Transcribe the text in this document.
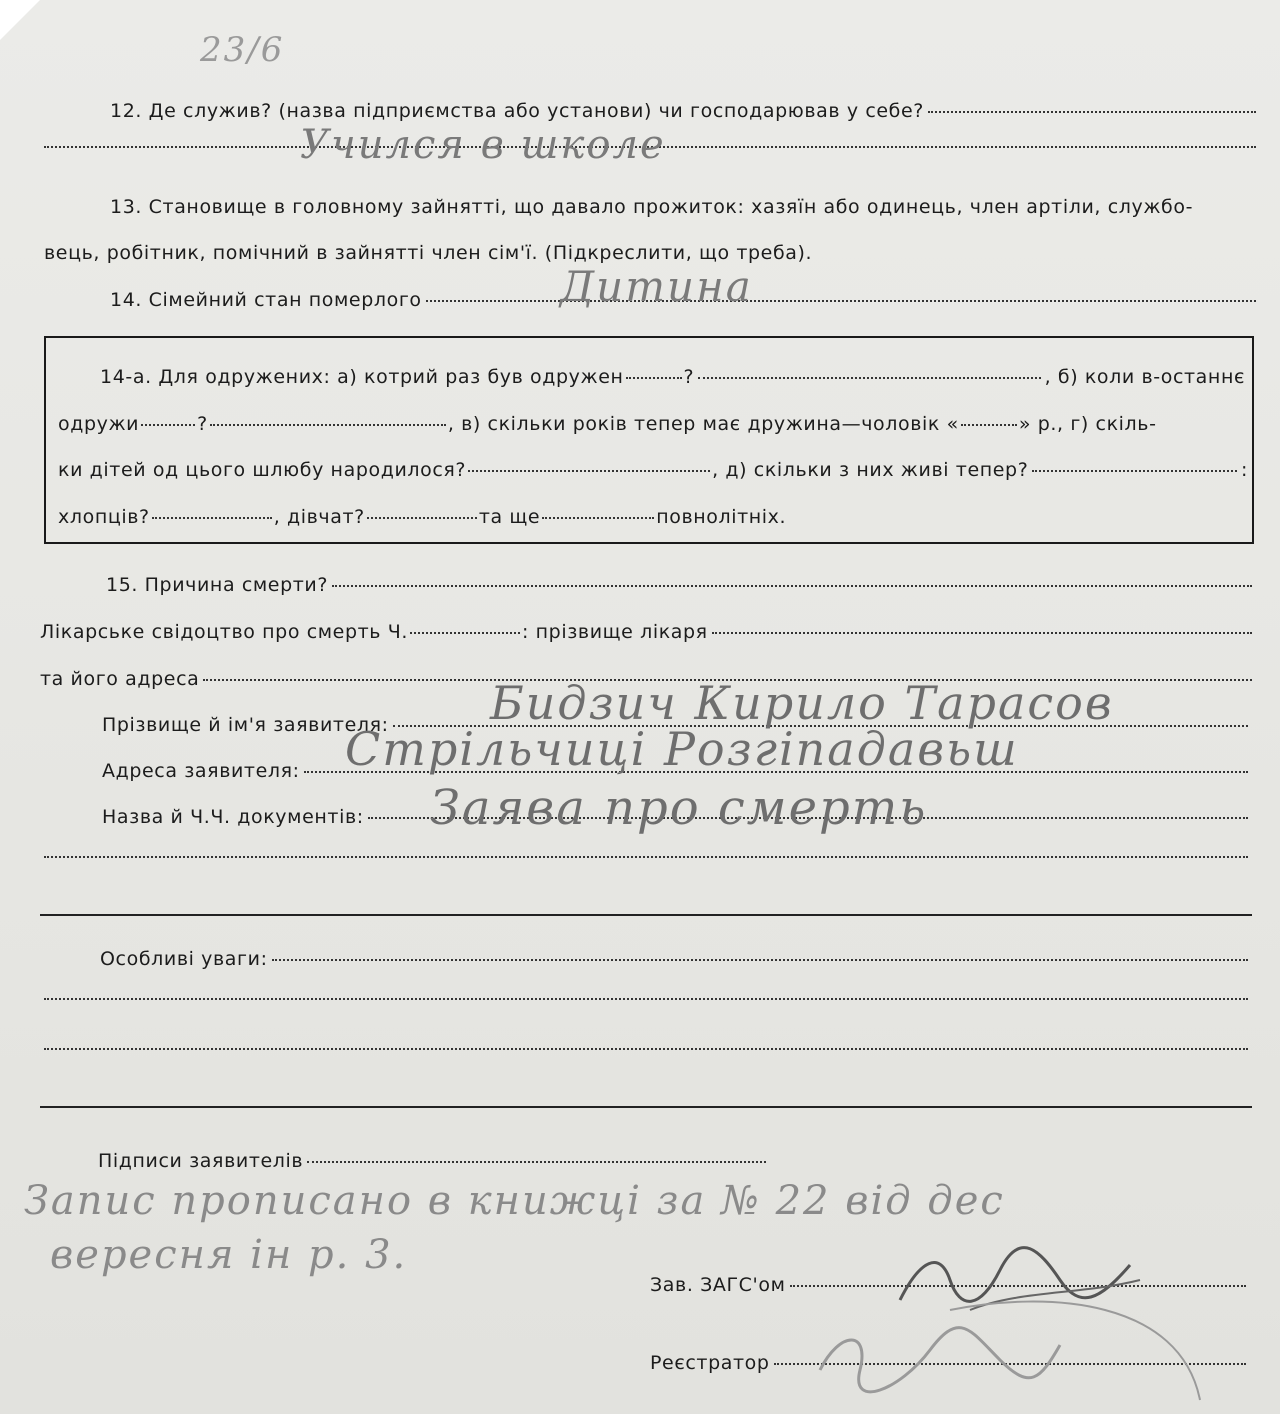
23/6
12. Де служив? (назва підприємства або установи) чи господарював у себе?
Учился в школе
13. Становище в головному зайнятті, що давало прожиток: хазяїн або одинець, член артіли, службо-
вець, робітник, помічний в зайнятті член сім'ї. (Підкреслити, що треба).
14. Сімейний стан померлого	Дитина
14-а. Для одружених: а) котрий раз був одружен	?	, б) коли в-останнє
одружи	?	, в) скільки років тепер має дружина—чоловік «	» р., г) скіль-
ки дітей од цього шлюбу народилося?	, д) скільки з них живі тепер?	:
хлопців?	, дівчат?	та ще	повнолітніх.
15. Причина смерти?
Лікарське свідоцтво про смерть Ч.	: прізвище лікаря
та його адреса
Прізвище й ім'я заявителя: Бидзич Кирило Тарасов
Адреса заявителя: Стрільчиці Розгіпадавьш
Назва й Ч.Ч. документів: Заява про смерть
Особливі уваги:
Підписи заявителів
Запис прописано в книжці за № 22 від дес
вересня ін р. 3.
Зав. ЗАГС'ом
Реєстратор
